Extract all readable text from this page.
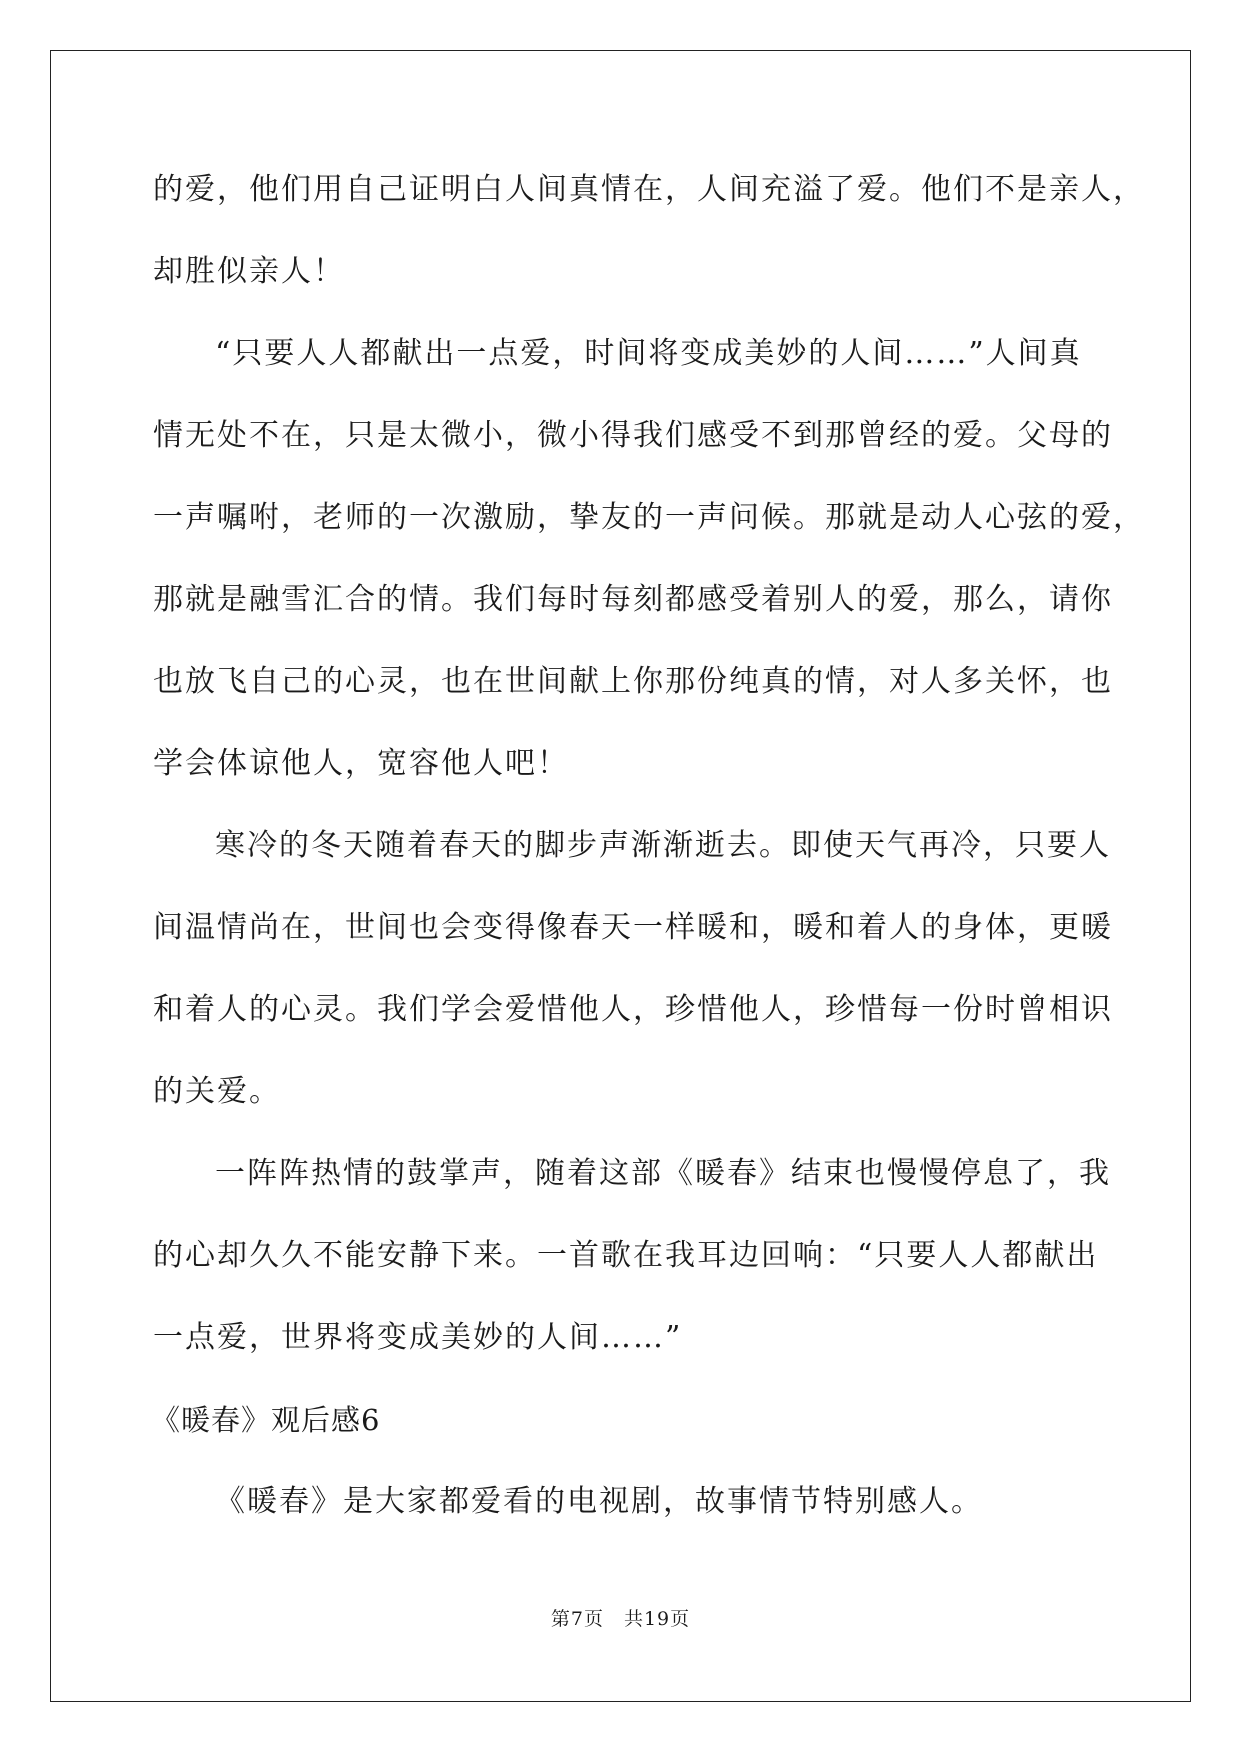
的爱，他们用自己证明白人间真情在，人间充溢了爱。他们不是亲人，
却胜似亲人！
“只要人人都献出一点爱，时间将变成美妙的人间……”人间真
情无处不在，只是太微小，微小得我们感受不到那曾经的爱。父母的
一声嘱咐，老师的一次激励，挚友的一声问候。那就是动人心弦的爱，
那就是融雪汇合的情。我们每时每刻都感受着别人的爱，那么，请你
也放飞自己的心灵，也在世间献上你那份纯真的情，对人多关怀，也
学会体谅他人，宽容他人吧！
寒冷的冬天随着春天的脚步声渐渐逝去。即使天气再冷，只要人
间温情尚在，世间也会变得像春天一样暖和，暖和着人的身体，更暖
和着人的心灵。我们学会爱惜他人，珍惜他人，珍惜每一份时曾相识
的关爱。
一阵阵热情的鼓掌声，随着这部《暖春》结束也慢慢停息了，我
的心却久久不能安静下来。一首歌在我耳边回响：“只要人人都献出
一点爱，世界将变成美妙的人间……”
《暖春》观后感6
《暖春》是大家都爱看的电视剧，故事情节特别感人。
第7页　共19页
